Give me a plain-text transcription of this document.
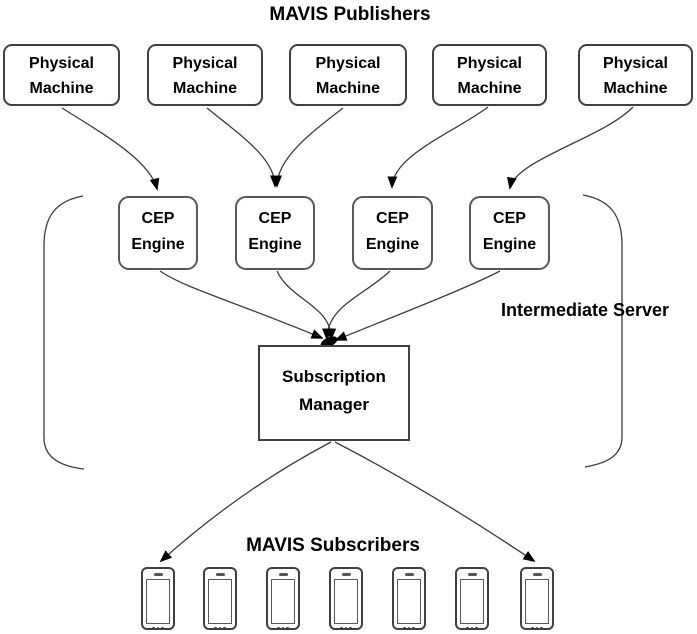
MAVIS Publishers
Intermediate Server
MAVIS Subscribers
Physical
Machine
Physical
Machine
Physical
Machine
Physical
Machine
Physical
Machine
CEP
Engine
CEP
Engine
CEP
Engine
CEP
Engine
Subscription
Manager
